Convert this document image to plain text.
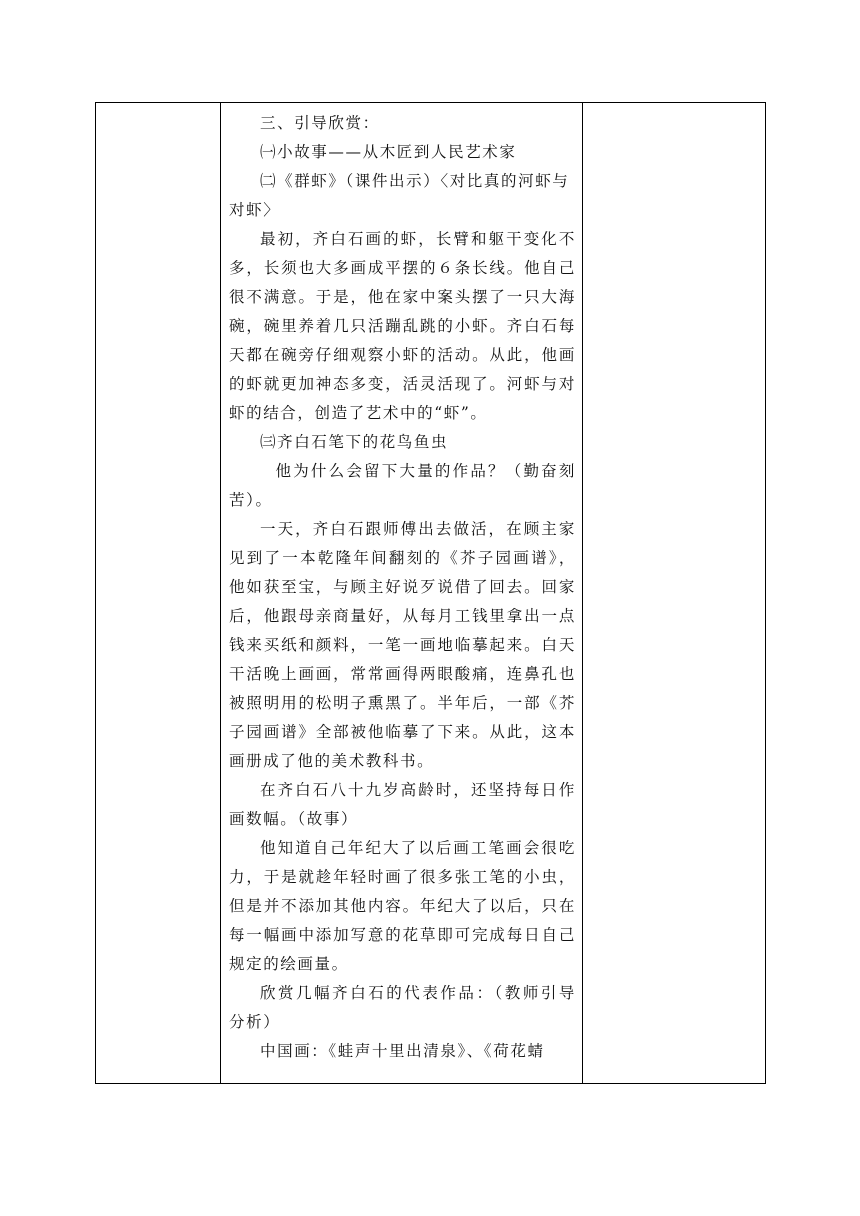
三、引导欣赏：

㈠小故事——从木匠到人民艺术家

㈡《群虾》（课件出示）〈对比真的河虾与

对虾〉

最初，齐白石画的虾，长臂和躯干变化不多，长须也大多画成平摆的６条长线。他自己很不满意。于是，他在家中案头摆了一只大海碗，碗里养着几只活蹦乱跳的小虾。齐白石每天都在碗旁仔细观察小虾的活动。从此，他画的虾就更加神态多变，活灵活现了。河虾与对虾的结合，创造了艺术中的“虾”。

㈢齐白石笔下的花鸟鱼虫

他为什么会留下大量的作品？（勤奋刻苦）。

一天，齐白石跟师傅出去做活，在顾主家见到了一本乾隆年间翻刻的《芥子园画谱》，他如获至宝，与顾主好说歹说借了回去。回家后，他跟母亲商量好，从每月工钱里拿出一点钱来买纸和颜料，一笔一画地临摹起来。白天干活晚上画画，常常画得两眼酸痛，连鼻孔也被照明用的松明子熏黑了。半年后，一部《芥子园画谱》全部被他临摹了下来。从此，这本画册成了他的美术教科书。

在齐白石八十九岁高龄时，还坚持每日作画数幅。（故事）

他知道自己年纪大了以后画工笔画会很吃力，于是就趁年轻时画了很多张工笔的小虫，但是并不添加其他内容。年纪大了以后，只在每一幅画中添加写意的花草即可完成每日自己规定的绘画量。

欣赏几幅齐白石的代表作品：（教师引导分析）

中国画：《蛙声十里出清泉》、《荷花蜻
